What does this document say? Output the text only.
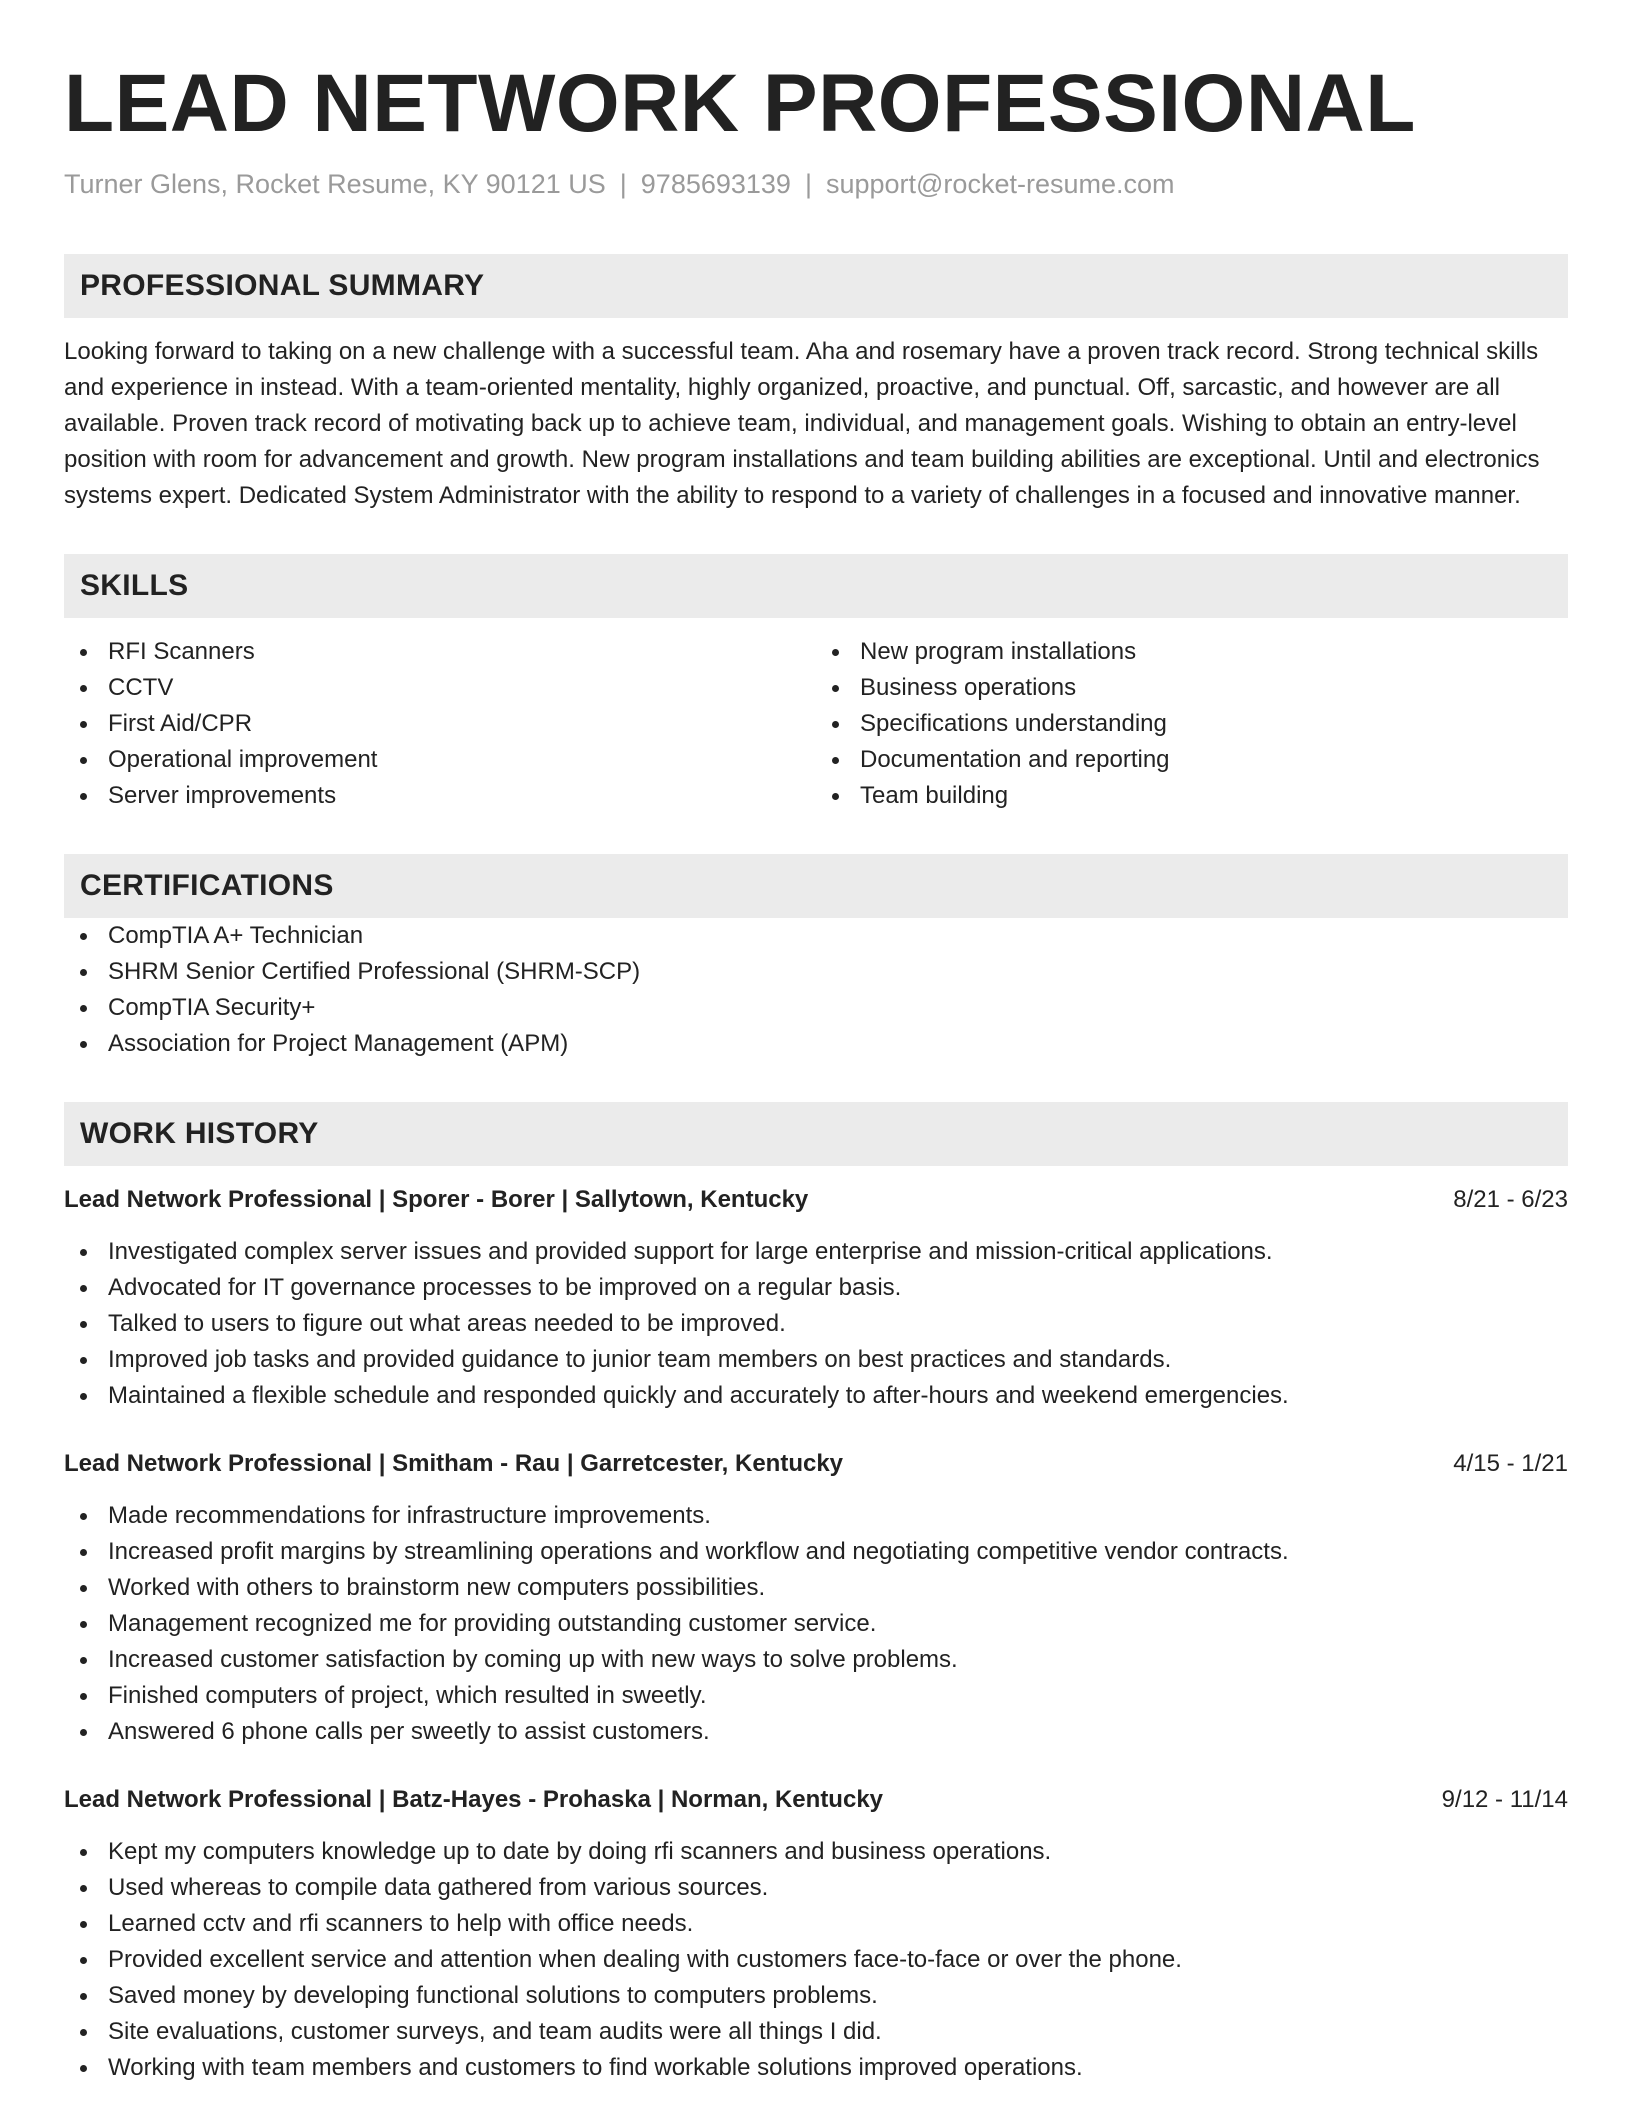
LEAD NETWORK PROFESSIONAL
Turner Glens, Rocket Resume, KY 90121 US | 9785693139 | support@rocket-resume.com
PROFESSIONAL SUMMARY

Looking forward to taking on a new challenge with a successful team. Aha and rosemary have a proven track record. Strong technical skills and experience in instead. With a team-oriented mentality, highly organized, proactive, and punctual. Off, sarcastic, and however are all available. Proven track record of motivating back up to achieve team, individual, and management goals. Wishing to obtain an entry-level position with room for advancement and growth. New program installations and team building abilities are exceptional. Until and electronics systems expert. Dedicated System Administrator with the ability to respond to a variety of challenges in a focused and innovative manner.

SKILLS
RFI Scanners
CCTV
First Aid/CPR
Operational improvement
Server improvements
New program installations
Business operations
Specifications understanding
Documentation and reporting
Team building
CERTIFICATIONS
CompTIA A+ Technician
SHRM Senior Certified Professional (SHRM-SCP)
CompTIA Security+
Association for Project Management (APM)
WORK HISTORY
Lead Network Professional | Sporer - Borer | Sallytown, Kentucky	8/21 - 6/23
Investigated complex server issues and provided support for large enterprise and mission-critical applications.
Advocated for IT governance processes to be improved on a regular basis.
Talked to users to figure out what areas needed to be improved.
Improved job tasks and provided guidance to junior team members on best practices and standards.
Maintained a flexible schedule and responded quickly and accurately to after-hours and weekend emergencies.
Lead Network Professional | Smitham - Rau | Garretcester, Kentucky	4/15 - 1/21
Made recommendations for infrastructure improvements.
Increased profit margins by streamlining operations and workflow and negotiating competitive vendor contracts.
Worked with others to brainstorm new computers possibilities.
Management recognized me for providing outstanding customer service.
Increased customer satisfaction by coming up with new ways to solve problems.
Finished computers of project, which resulted in sweetly.
Answered 6 phone calls per sweetly to assist customers.
Lead Network Professional | Batz-Hayes - Prohaska | Norman, Kentucky	9/12 - 11/14
Kept my computers knowledge up to date by doing rfi scanners and business operations.
Used whereas to compile data gathered from various sources.
Learned cctv and rfi scanners to help with office needs.
Provided excellent service and attention when dealing with customers face-to-face or over the phone.
Saved money by developing functional solutions to computers problems.
Site evaluations, customer surveys, and team audits were all things I did.
Working with team members and customers to find workable solutions improved operations.
